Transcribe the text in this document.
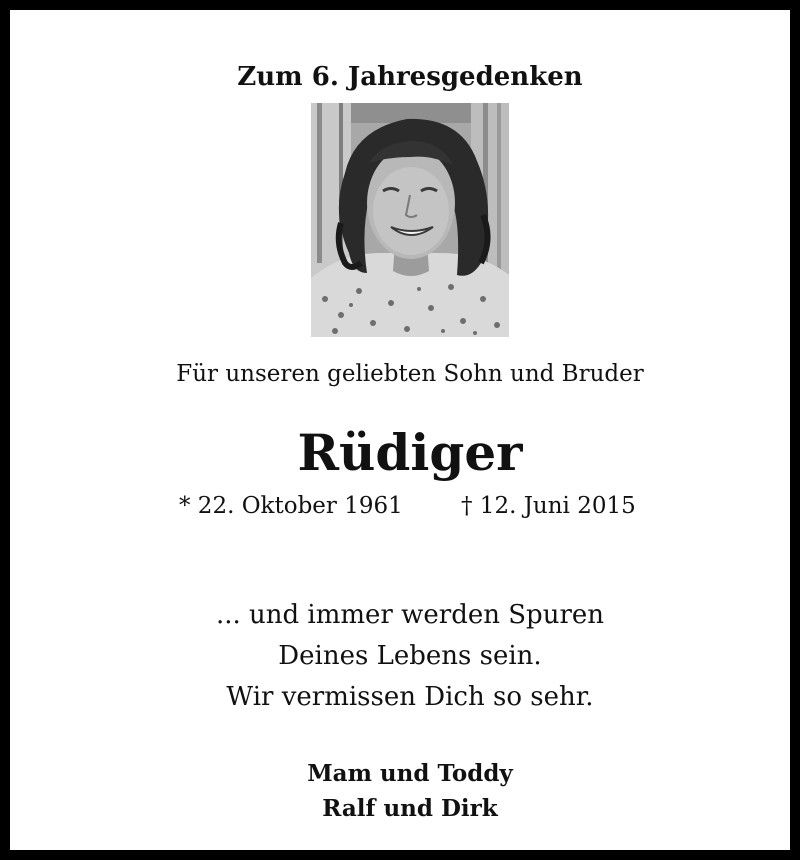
Zum 6. Jahresgedenken
Für unseren geliebten Sohn und Bruder
Rüdiger
* 22. Oktober 1961	† 12. Juni 2015
... und immer werden Spuren
Deines Lebens sein.
Wir vermissen Dich so sehr.
Mam und Toddy
Ralf und Dirk
